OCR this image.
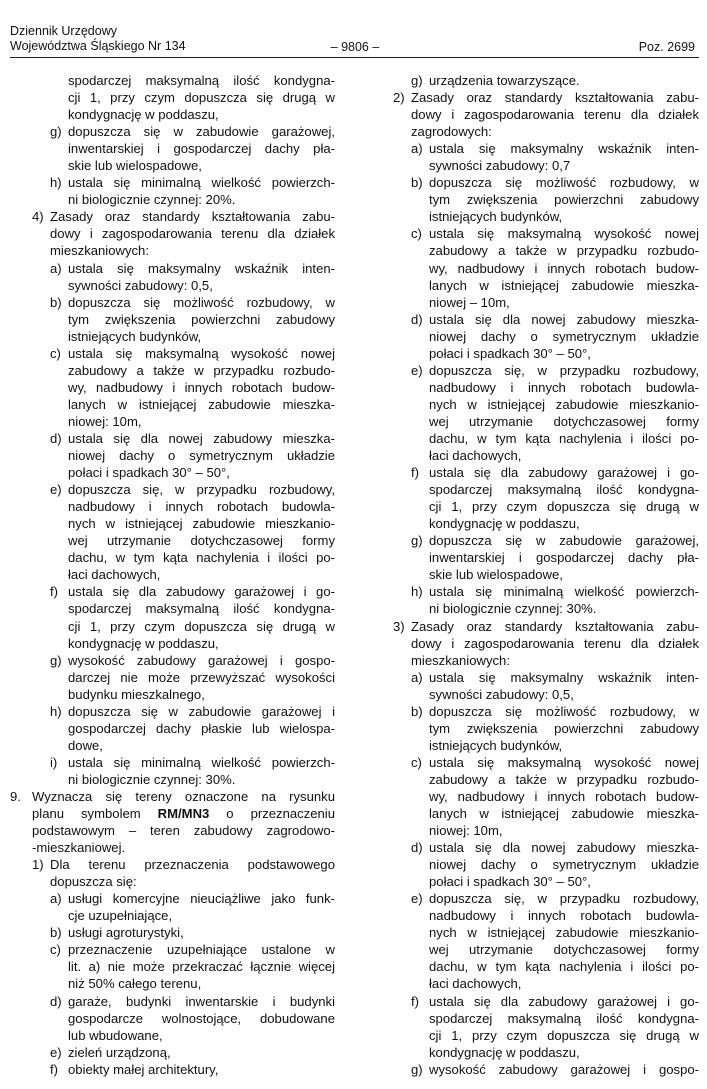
Dziennik Urzędowy
Województwa Śląskiego Nr 134	– 9806 –	Poz. 2699
spodarczej maksymalną ilość kondygna-
cji 1, przy czym dopuszcza się drugą w
kondygnację w poddaszu,
g) dopuszcza się w zabudowie garażowej,
inwentarskiej i gospodarczej dachy pła-
skie lub wielospadowe,
h) ustala się minimalną wielkość powierzch-
ni biologicznie czynnej: 20%.
4) Zasady oraz standardy kształtowania zabu-
dowy i zagospodarowania terenu dla działek
mieszkaniowych:
a) ustala się maksymalny wskaźnik inten-
sywności zabudowy: 0,5,
b) dopuszcza się możliwość rozbudowy, w
tym zwiększenia powierzchni zabudowy
istniejących budynków,
c) ustala się maksymalną wysokość nowej
zabudowy a także w przypadku rozbudo-
wy, nadbudowy i innych robotach budow-
lanych w istniejącej zabudowie mieszka-
niowej: 10m,
d) ustala się dla nowej zabudowy mieszka-
niowej dachy o symetrycznym układzie
połaci i spadkach 30° – 50°,
e) dopuszcza się, w przypadku rozbudowy,
nadbudowy i innych robotach budowla-
nych w istniejącej zabudowie mieszkanio-
wej utrzymanie dotychczasowej formy
dachu, w tym kąta nachylenia i ilości po-
łaci dachowych,
f) ustala się dla zabudowy garażowej i go-
spodarczej maksymalną ilość kondygna-
cji 1, przy czym dopuszcza się drugą w
kondygnację w poddaszu,
g) wysokość zabudowy garażowej i gospo-
darczej nie może przewyższać wysokości
budynku mieszkalnego,
h) dopuszcza się w zabudowie garażowej i
gospodarczej dachy płaskie lub wielospa-
dowe,
i) ustala się minimalną wielkość powierzch-
ni biologicznie czynnej: 30%.
9. Wyznacza się tereny oznaczone na rysunku
planu symbolem RM/MN3 o przeznaczeniu
podstawowym – teren zabudowy zagrodowo-
-mieszkaniowej.
1) Dla terenu przeznaczenia podstawowego
dopuszcza się:
a) usługi komercyjne nieuciążliwe jako funk-
cje uzupełniające,
b) usługi agroturystyki,
c) przeznaczenie uzupełniające ustalone w
lit. a) nie może przekraczać łącznie więcej
niż 50% całego terenu,
d) garaże, budynki inwentarskie i budynki
gospodarcze wolnostojące, dobudowane
lub wbudowane,
e) zieleń urządzoną,
f) obiekty małej architektury,
g) urządzenia towarzyszące.
2) Zasady oraz standardy kształtowania zabu-
dowy i zagospodarowania terenu dla działek
zagrodowych:
a) ustala się maksymalny wskaźnik inten-
sywności zabudowy: 0,7
b) dopuszcza się możliwość rozbudowy, w
tym zwiększenia powierzchni zabudowy
istniejących budynków,
c) ustala się maksymalną wysokość nowej
zabudowy a także w przypadku rozbudo-
wy, nadbudowy i innych robotach budow-
lanych w istniejącej zabudowie mieszka-
niowej – 10m,
d) ustala się dla nowej zabudowy mieszka-
niowej dachy o symetrycznym układzie
połaci i spadkach 30° – 50°,
e) dopuszcza się, w przypadku rozbudowy,
nadbudowy i innych robotach budowla-
nych w istniejącej zabudowie mieszkanio-
wej utrzymanie dotychczasowej formy
dachu, w tym kąta nachylenia i ilości po-
łaci dachowych,
f) ustala się dla zabudowy garażowej i go-
spodarczej maksymalną ilość kondygna-
cji 1, przy czym dopuszcza się drugą w
kondygnację w poddaszu,
g) dopuszcza się w zabudowie garażowej,
inwentarskiej i gospodarczej dachy pła-
skie lub wielospadowe,
h) ustala się minimalną wielkość powierzch-
ni biologicznie czynnej: 30%.
3) Zasady oraz standardy kształtowania zabu-
dowy i zagospodarowania terenu dla działek
mieszkaniowych:
a) ustala się maksymalny wskaźnik inten-
sywności zabudowy: 0,5,
b) dopuszcza się możliwość rozbudowy, w
tym zwiększenia powierzchni zabudowy
istniejących budynków,
c) ustala się maksymalną wysokość nowej
zabudowy a także w przypadku rozbudo-
wy, nadbudowy i innych robotach budow-
lanych w istniejącej zabudowie mieszka-
niowej: 10m,
d) ustala się dla nowej zabudowy mieszka-
niowej dachy o symetrycznym układzie
połaci i spadkach 30° – 50°,
e) dopuszcza się, w przypadku rozbudowy,
nadbudowy i innych robotach budowla-
nych w istniejącej zabudowie mieszkanio-
wej utrzymanie dotychczasowej formy
dachu, w tym kąta nachylenia i ilości po-
łaci dachowych,
f) ustala się dla zabudowy garażowej i go-
spodarczej maksymalną ilość kondygna-
cji 1, przy czym dopuszcza się drugą w
kondygnację w poddaszu,
g) wysokość zabudowy garażowej i gospo-
